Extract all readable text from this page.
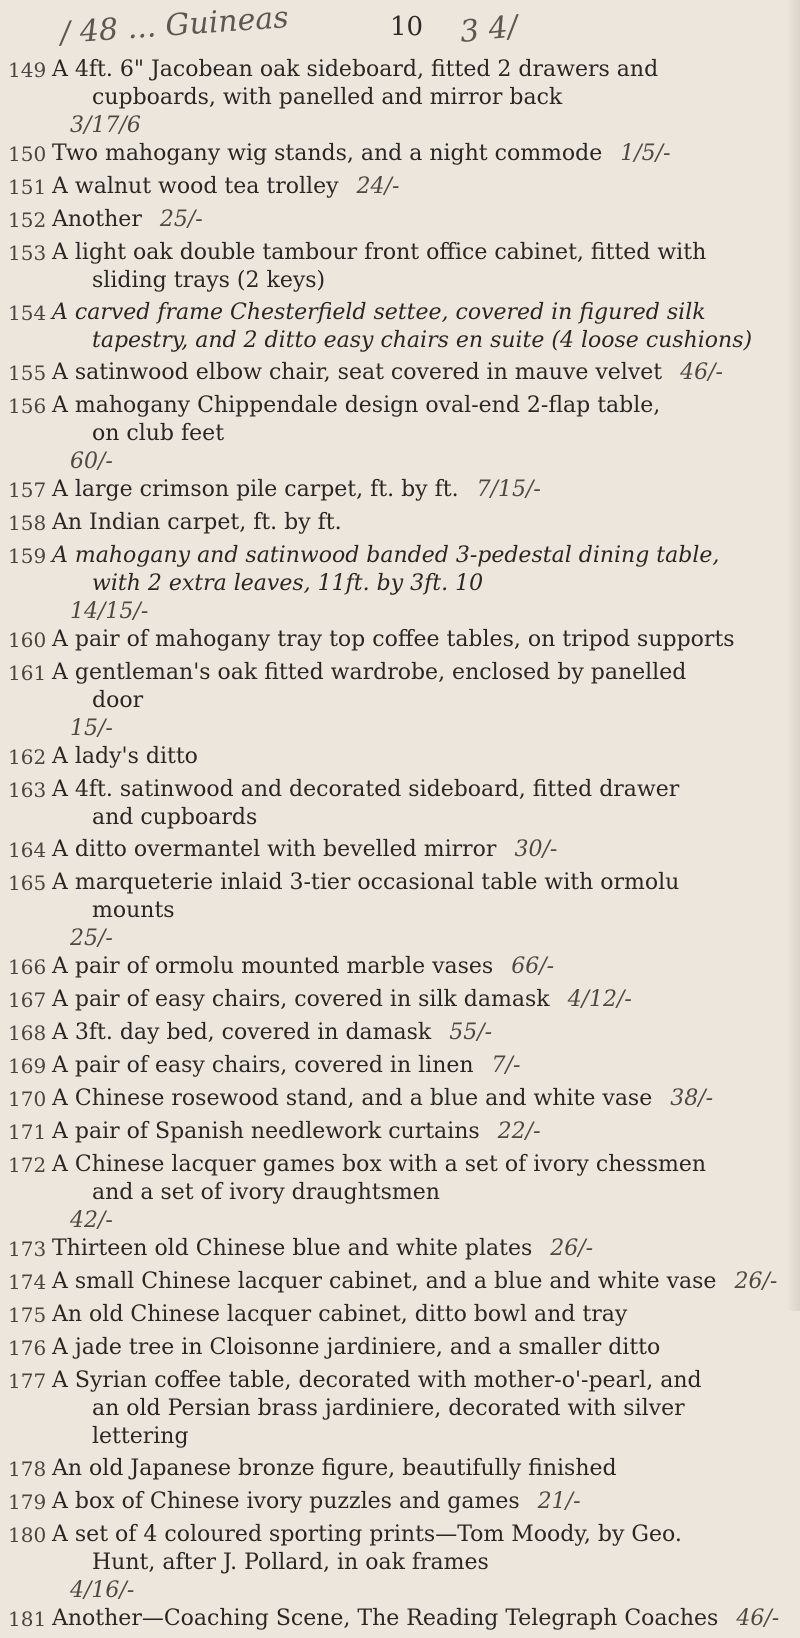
/ 48 ... Guineas	10 3 4/
149 A 4ft. 6" Jacobean oak sideboard, fitted 2 drawers and
cupboards, with panelled and mirror back
3/17/6
150 Two mahogany wig stands, and a night commode 1/5/-
151 A walnut wood tea trolley 24/-
152 Another 25/-
153 A light oak double tambour front office cabinet, fitted with
sliding trays (2 keys)
154 A carved frame Chesterfield settee, covered in figured silk
tapestry, and 2 ditto easy chairs en suite (4 loose cushions)
155 A satinwood elbow chair, seat covered in mauve velvet 46/-
156 A mahogany Chippendale design oval-end 2-flap table,
on club feet
60/-
157 A large crimson pile carpet, ft. by ft. 7/15/-
158 An Indian carpet, ft. by ft.
159 A mahogany and satinwood banded 3-pedestal dining table,
with 2 extra leaves, 11ft. by 3ft. 10
14/15/-
160 A pair of mahogany tray top coffee tables, on tripod supports
161 A gentleman's oak fitted wardrobe, enclosed by panelled
door
15/-
162 A lady's ditto
163 A 4ft. satinwood and decorated sideboard, fitted drawer
and cupboards
164 A ditto overmantel with bevelled mirror 30/-
165 A marqueterie inlaid 3-tier occasional table with ormolu
mounts
25/-
166 A pair of ormolu mounted marble vases 66/-
167 A pair of easy chairs, covered in silk damask 4/12/-
168 A 3ft. day bed, covered in damask 55/-
169 A pair of easy chairs, covered in linen 7/-
170 A Chinese rosewood stand, and a blue and white vase 38/-
171 A pair of Spanish needlework curtains 22/-
172 A Chinese lacquer games box with a set of ivory chessmen
and a set of ivory draughtsmen
42/-
173 Thirteen old Chinese blue and white plates 26/-
174 A small Chinese lacquer cabinet, and a blue and white vase 26/-
175 An old Chinese lacquer cabinet, ditto bowl and tray
176 A jade tree in Cloisonne jardiniere, and a smaller ditto
177 A Syrian coffee table, decorated with mother-o'-pearl, and
an old Persian brass jardiniere, decorated with silver
lettering
178 An old Japanese bronze figure, beautifully finished
179 A box of Chinese ivory puzzles and games 21/-
180 A set of 4 coloured sporting prints—Tom Moody, by Geo.
Hunt, after J. Pollard, in oak frames
4/16/-
181 Another—Coaching Scene, The Reading Telegraph Coaches 46/-
